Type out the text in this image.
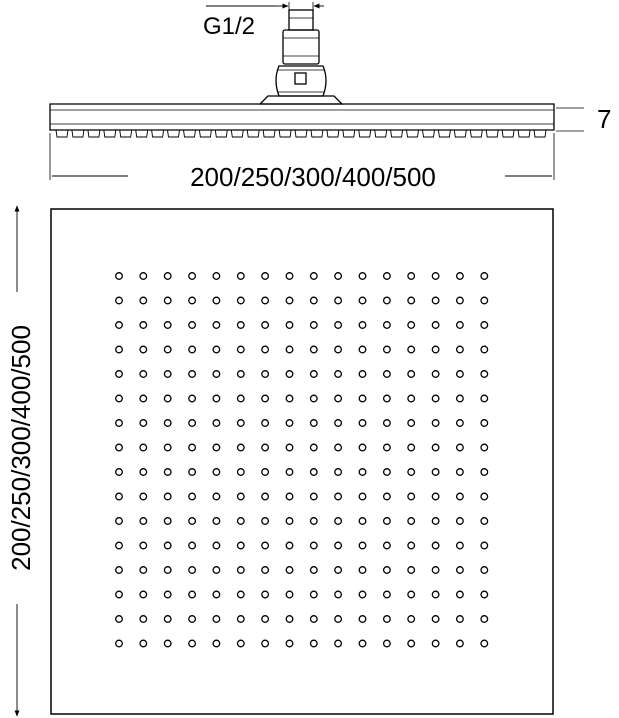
G1/2
7
200/250/300/400/500
200/250/300/400/500
